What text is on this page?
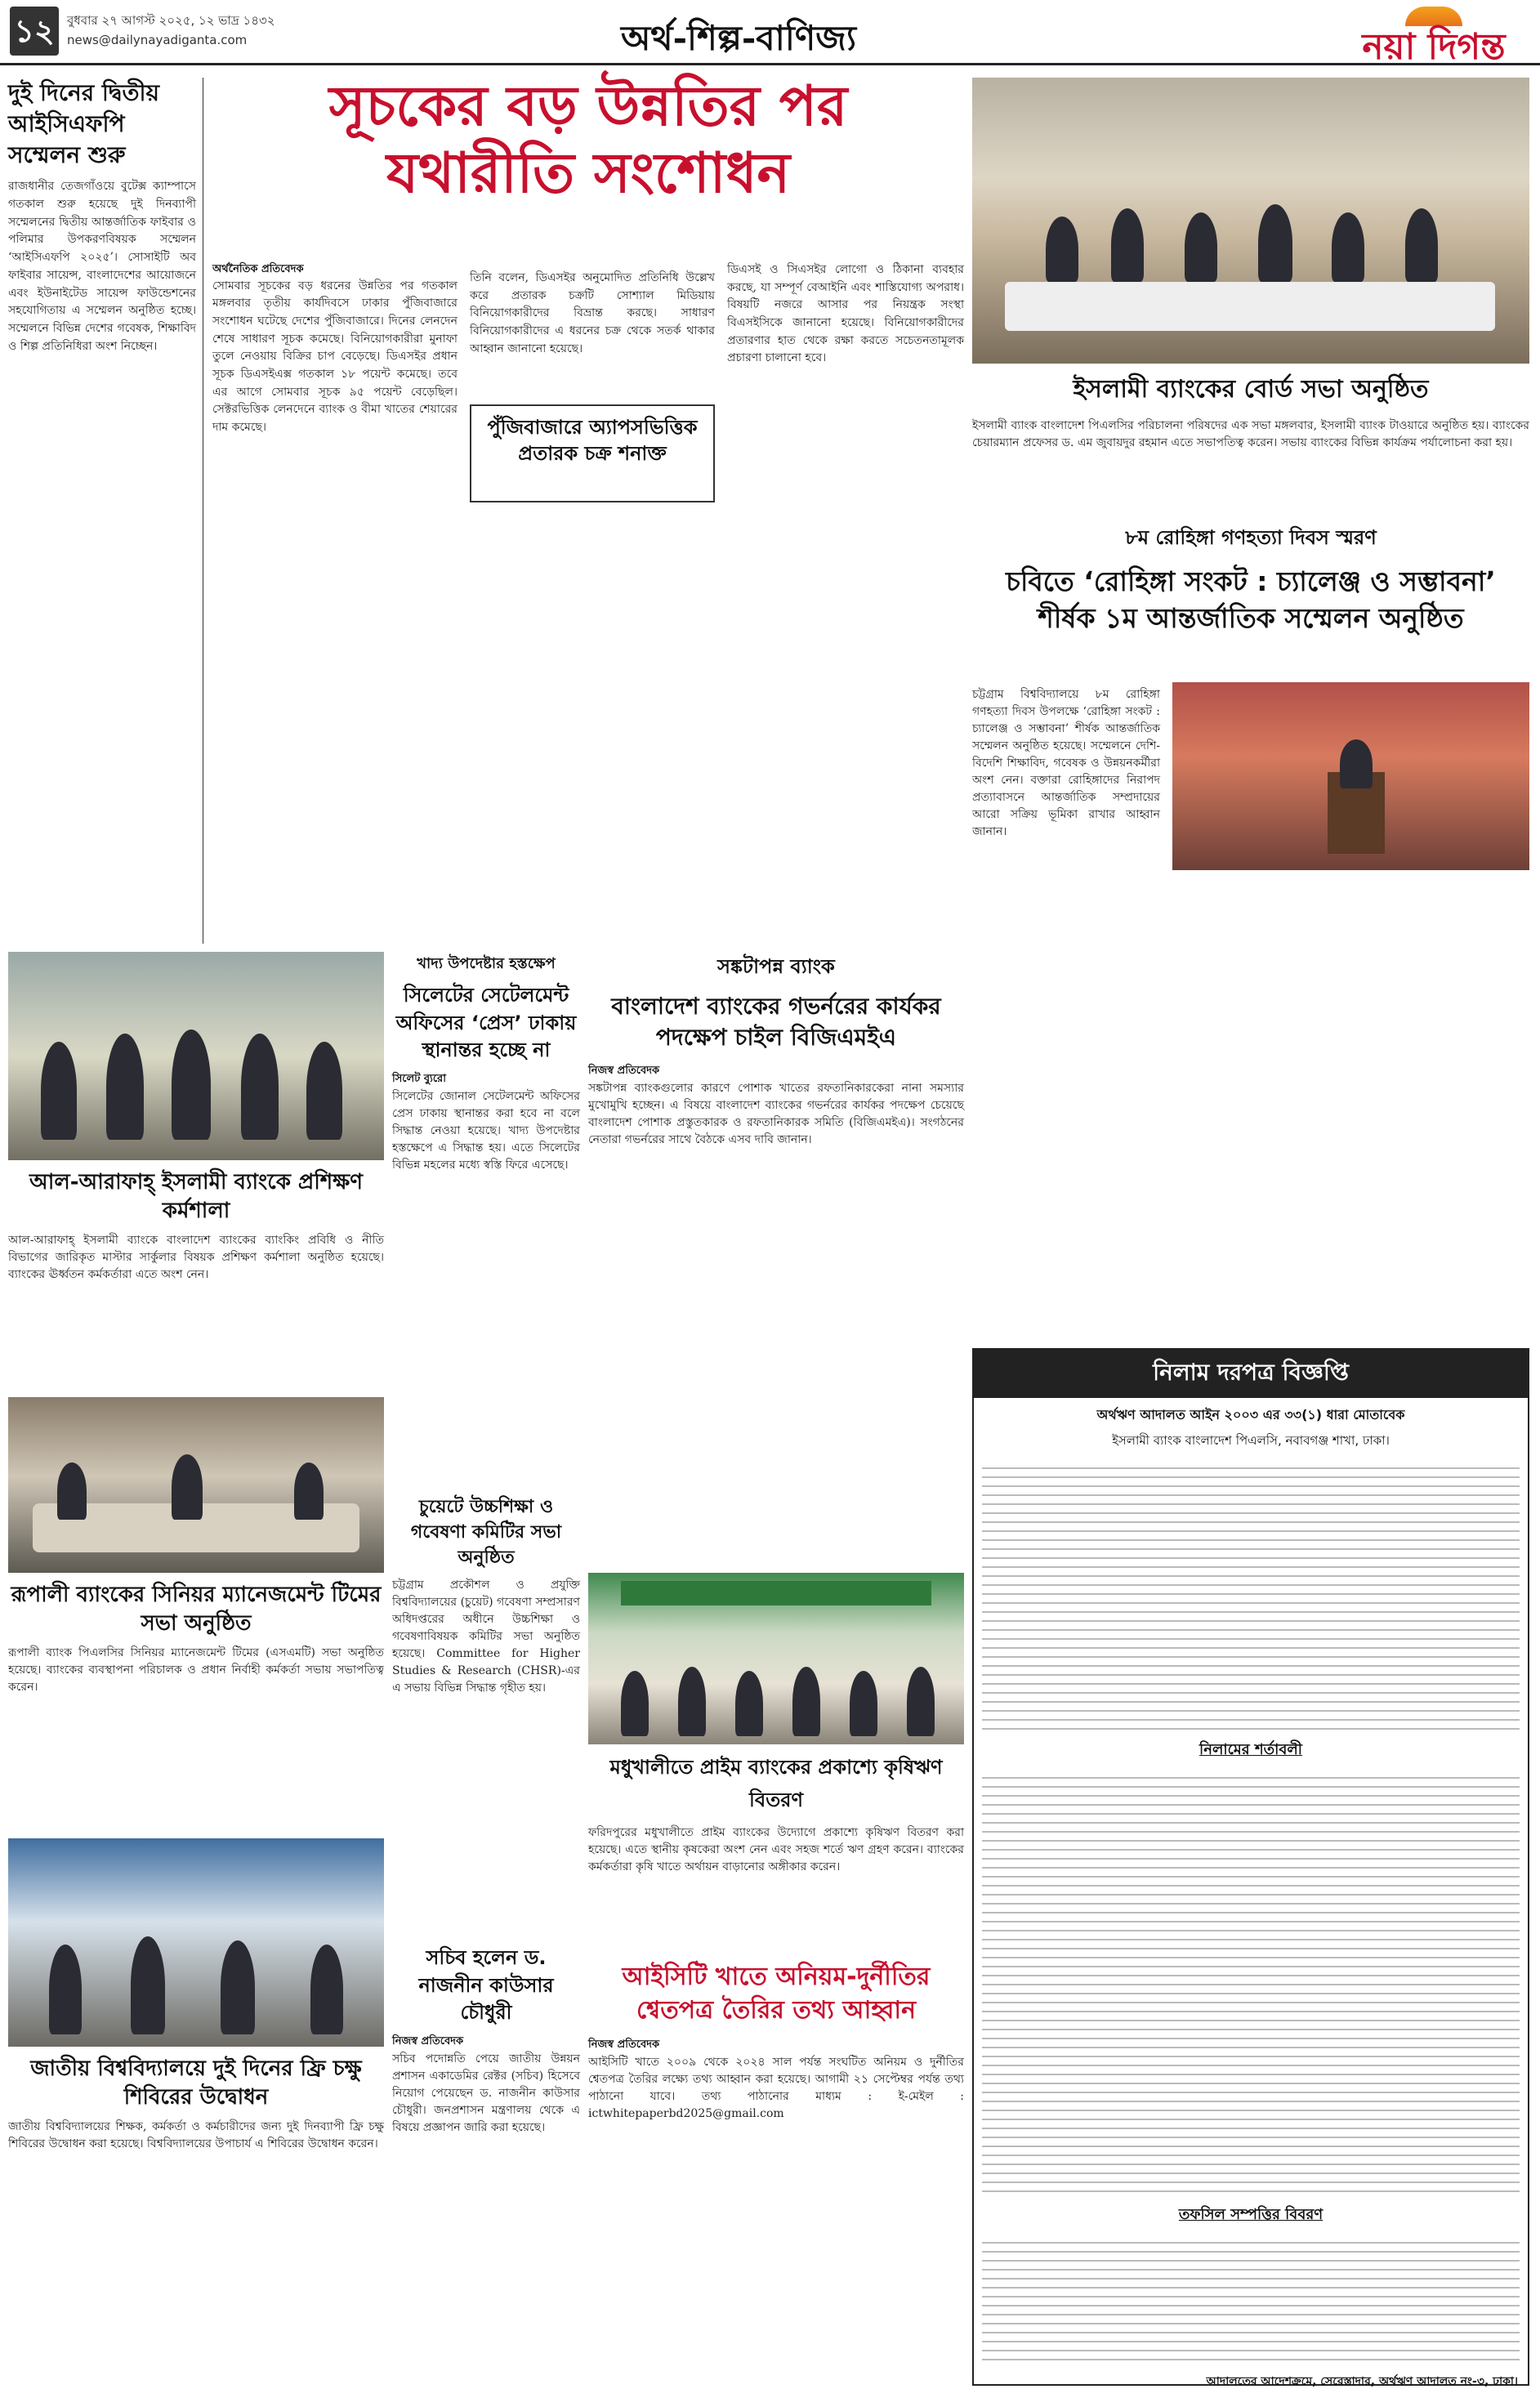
১২	বুধবার ২৭ আগস্ট ২০২৫, ১২ ভাদ্র ১৪৩২
news@dailynayadiganta.com	অর্থ-শিল্প-বাণিজ্য	নয়া দিগন্ত
দুই দিনের দ্বিতীয় আইসিএফপি সম্মেলন শুরু
রাজধানীর তেজগাঁওয়ে বুটেক্স ক্যাম্পাসে গতকাল শুরু হয়েছে দুই দিনব্যাপী সম্মেলনের দ্বিতীয় আন্তর্জাতিক ফাইবার ও পলিমার উপকরণবিষয়ক সম্মেলন ‘আইসিএফপি ২০২৫’। সোসাইটি অব ফাইবার সায়েন্স, বাংলাদেশের আয়োজনে এবং ইউনাইটেড সায়েন্স ফাউন্ডেশনের সহযোগিতায় এ সম্মেলন অনুষ্ঠিত হচ্ছে। সম্মেলনে বিভিন্ন দেশের গবেষক, শিক্ষাবিদ ও শিল্প প্রতিনিধিরা অংশ নিচ্ছেন।
সূচকের বড় উন্নতির পর
যথারীতি সংশোধন
অর্থনৈতিক প্রতিবেদক
সোমবার সূচকের বড় ধরনের উন্নতির পর গতকাল মঙ্গলবার তৃতীয় কার্যদিবসে ঢাকার পুঁজিবাজারে সংশোধন ঘটেছে দেশের পুঁজিবাজারে। দিনের লেনদেন শেষে সাধারণ সূচক কমেছে। বিনিয়োগকারীরা মুনাফা তুলে নেওয়ায় বিক্রির চাপ বেড়েছে। ডিএসইর প্রধান সূচক ডিএসইএক্স গতকাল ১৮ পয়েন্ট কমেছে। তবে এর আগে সোমবার সূচক ৯৫ পয়েন্ট বেড়েছিল। সেক্টরভিত্তিক লেনদেনে ব্যাংক ও বীমা খাতের শেয়ারের দাম কমেছে।	পুঁজিবাজারে অ্যাপসভিত্তিক প্রতারক চক্র শনাক্ত
তিনি বলেন, ডিএসইর অনুমোদিত প্রতিনিধি উল্লেখ করে প্রতারক চক্রটি সোশ্যাল মিডিয়ায় বিনিয়োগকারীদের বিভ্রান্ত করছে। সাধারণ বিনিয়োগকারীদের এ ধরনের চক্র থেকে সতর্ক থাকার আহ্বান জানানো হয়েছে।
ডিএসই ও সিএসইর লোগো ও ঠিকানা ব্যবহার করছে, যা সম্পূর্ণ বেআইনি এবং শাস্তিযোগ্য অপরাধ। বিষয়টি নজরে আসার পর নিয়ন্ত্রক সংস্থা বিএসইসিকে জানানো হয়েছে। বিনিয়োগকারীদের প্রতারণার হাত থেকে রক্ষা করতে সচেতনতামূলক প্রচারণা চালানো হবে।
ইসলামী ব্যাংকের বোর্ড সভা অনুষ্ঠিত
ইসলামী ব্যাংক বাংলাদেশ পিএলসির পরিচালনা পরিষদের এক সভা মঙ্গলবার, ইসলামী ব্যাংক টাওয়ারে অনুষ্ঠিত হয়। ব্যাংকের চেয়ারম্যান প্রফেসর ড. এম জুবায়দুর রহমান এতে সভাপতিত্ব করেন। সভায় ব্যাংকের বিভিন্ন কার্যক্রম পর্যালোচনা করা হয়।
৮ম রোহিঙ্গা গণহত্যা দিবস স্মরণ
চবিতে ‘রোহিঙ্গা সংকট : চ্যালেঞ্জ ও সম্ভাবনা’
শীর্ষক ১ম আন্তর্জাতিক সম্মেলন অনুষ্ঠিত
চট্টগ্রাম বিশ্ববিদ্যালয়ে ৮ম রোহিঙ্গা গণহত্যা দিবস উপলক্ষে ‘রোহিঙ্গা সংকট : চ্যালেঞ্জ ও সম্ভাবনা’ শীর্ষক আন্তর্জাতিক সম্মেলন অনুষ্ঠিত হয়েছে। সম্মেলনে দেশি-বিদেশি শিক্ষাবিদ, গবেষক ও উন্নয়নকর্মীরা অংশ নেন। বক্তারা রোহিঙ্গাদের নিরাপদ প্রত্যাবাসনে আন্তর্জাতিক সম্প্রদায়ের আরো সক্রিয় ভূমিকা রাখার আহ্বান জানান।
আল-আরাফাহ্ ইসলামী ব্যাংকে প্রশিক্ষণ কর্মশালা
আল-আরাফাহ্ ইসলামী ব্যাংকে বাংলাদেশ ব্যাংকের ব্যাংকিং প্রবিধি ও নীতি বিভাগের জারিকৃত মাস্টার সার্কুলার বিষয়ক প্রশিক্ষণ কর্মশালা অনুষ্ঠিত হয়েছে। ব্যাংকের ঊর্ধ্বতন কর্মকর্তারা এতে অংশ নেন।
রূপালী ব্যাংকের সিনিয়র ম্যানেজমেন্ট টিমের সভা অনুষ্ঠিত
রূপালী ব্যাংক পিএলসির সিনিয়র ম্যানেজমেন্ট টিমের (এসএমটি) সভা অনুষ্ঠিত হয়েছে। ব্যাংকের ব্যবস্থাপনা পরিচালক ও প্রধান নির্বাহী কর্মকর্তা সভায় সভাপতিত্ব করেন।
জাতীয় বিশ্ববিদ্যালয়ে দুই দিনের ফ্রি চক্ষু শিবিরের উদ্বোধন
জাতীয় বিশ্ববিদ্যালয়ের শিক্ষক, কর্মকর্তা ও কর্মচারীদের জন্য দুই দিনব্যাপী ফ্রি চক্ষু শিবিরের উদ্বোধন করা হয়েছে। বিশ্ববিদ্যালয়ের উপাচার্য এ শিবিরের উদ্বোধন করেন।
খাদ্য উপদেষ্টার হস্তক্ষেপ
সিলেটের সেটেলমেন্ট অফিসের ‘প্রেস’ ঢাকায় স্থানান্তর হচ্ছে না
সিলেট ব্যুরো
সিলেটের জোনাল সেটেলমেন্ট অফিসের প্রেস ঢাকায় স্থানান্তর করা হবে না বলে সিদ্ধান্ত নেওয়া হয়েছে। খাদ্য উপদেষ্টার হস্তক্ষেপে এ সিদ্ধান্ত হয়। এতে সিলেটের বিভিন্ন মহলের মধ্যে স্বস্তি ফিরে এসেছে।
চুয়েটে উচ্চশিক্ষা ও গবেষণা কমিটির সভা অনুষ্ঠিত
চট্টগ্রাম প্রকৌশল ও প্রযুক্তি বিশ্ববিদ্যালয়ের (চুয়েট) গবেষণা সম্প্রসারণ অধিদপ্তরের অধীনে উচ্চশিক্ষা ও গবেষণাবিষয়ক কমিটির সভা অনুষ্ঠিত হয়েছে। Committee for Higher Studies & Research (CHSR)-এর এ সভায় বিভিন্ন সিদ্ধান্ত গৃহীত হয়।
সচিব হলেন ড. নাজনীন কাউসার চৌধুরী
নিজস্ব প্রতিবেদক
সচিব পদোন্নতি পেয়ে জাতীয় উন্নয়ন প্রশাসন একাডেমির রেক্টর (সচিব) হিসেবে নিয়োগ পেয়েছেন ড. নাজনীন কাউসার চৌধুরী। জনপ্রশাসন মন্ত্রণালয় থেকে এ বিষয়ে প্রজ্ঞাপন জারি করা হয়েছে।
সঙ্কটাপন্ন ব্যাংক
বাংলাদেশ ব্যাংকের গভর্নরের কার্যকর
পদক্ষেপ চাইল বিজিএমইএ
নিজস্ব প্রতিবেদক
সঙ্কটাপন্ন ব্যাংকগুলোর কারণে পোশাক খাতের রফতানিকারকেরা নানা সমস্যার মুখোমুখি হচ্ছেন। এ বিষয়ে বাংলাদেশ ব্যাংকের গভর্নরের কার্যকর পদক্ষেপ চেয়েছে বাংলাদেশ পোশাক প্রস্তুতকারক ও রফতানিকারক সমিতি (বিজিএমইএ)। সংগঠনের নেতারা গভর্নরের সাথে বৈঠকে এসব দাবি জানান।
মধুখালীতে প্রাইম ব্যাংকের প্রকাশ্যে কৃষিঋণ বিতরণ
ফরিদপুরের মধুখালীতে প্রাইম ব্যাংকের উদ্যোগে প্রকাশ্যে কৃষিঋণ বিতরণ করা হয়েছে। এতে স্থানীয় কৃষকেরা অংশ নেন এবং সহজ শর্তে ঋণ গ্রহণ করেন। ব্যাংকের কর্মকর্তারা কৃষি খাতে অর্থায়ন বাড়ানোর অঙ্গীকার করেন।
আইসিটি খাতে অনিয়ম-দুর্নীতির
শ্বেতপত্র তৈরির তথ্য আহ্বান
নিজস্ব প্রতিবেদক
আইসিটি খাতে ২০০৯ থেকে ২০২৪ সাল পর্যন্ত সংঘটিত অনিয়ম ও দুর্নীতির শ্বেতপত্র তৈরির লক্ষ্যে তথ্য আহ্বান করা হয়েছে। আগামী ২১ সেপ্টেম্বর পর্যন্ত তথ্য পাঠানো যাবে। তথ্য পাঠানোর মাধ্যম : ই-মেইল : ictwhitepaperbd2025@gmail.com
নিলাম দরপত্র বিজ্ঞপ্তি
অর্থঋণ আদালত আইন ২০০৩ এর ৩৩(১) ধারা মোতাবেক
ইসলামী ব্যাংক বাংলাদেশ পিএলসি, নবাবগঞ্জ শাখা, ঢাকা।
নিলামের শর্তাবলী
তফসিল সম্পত্তির বিবরণ
আদালতের আদেশক্রমে, সেরেস্তাদার, অর্থঋণ আদালত নং-৩, ঢাকা।
